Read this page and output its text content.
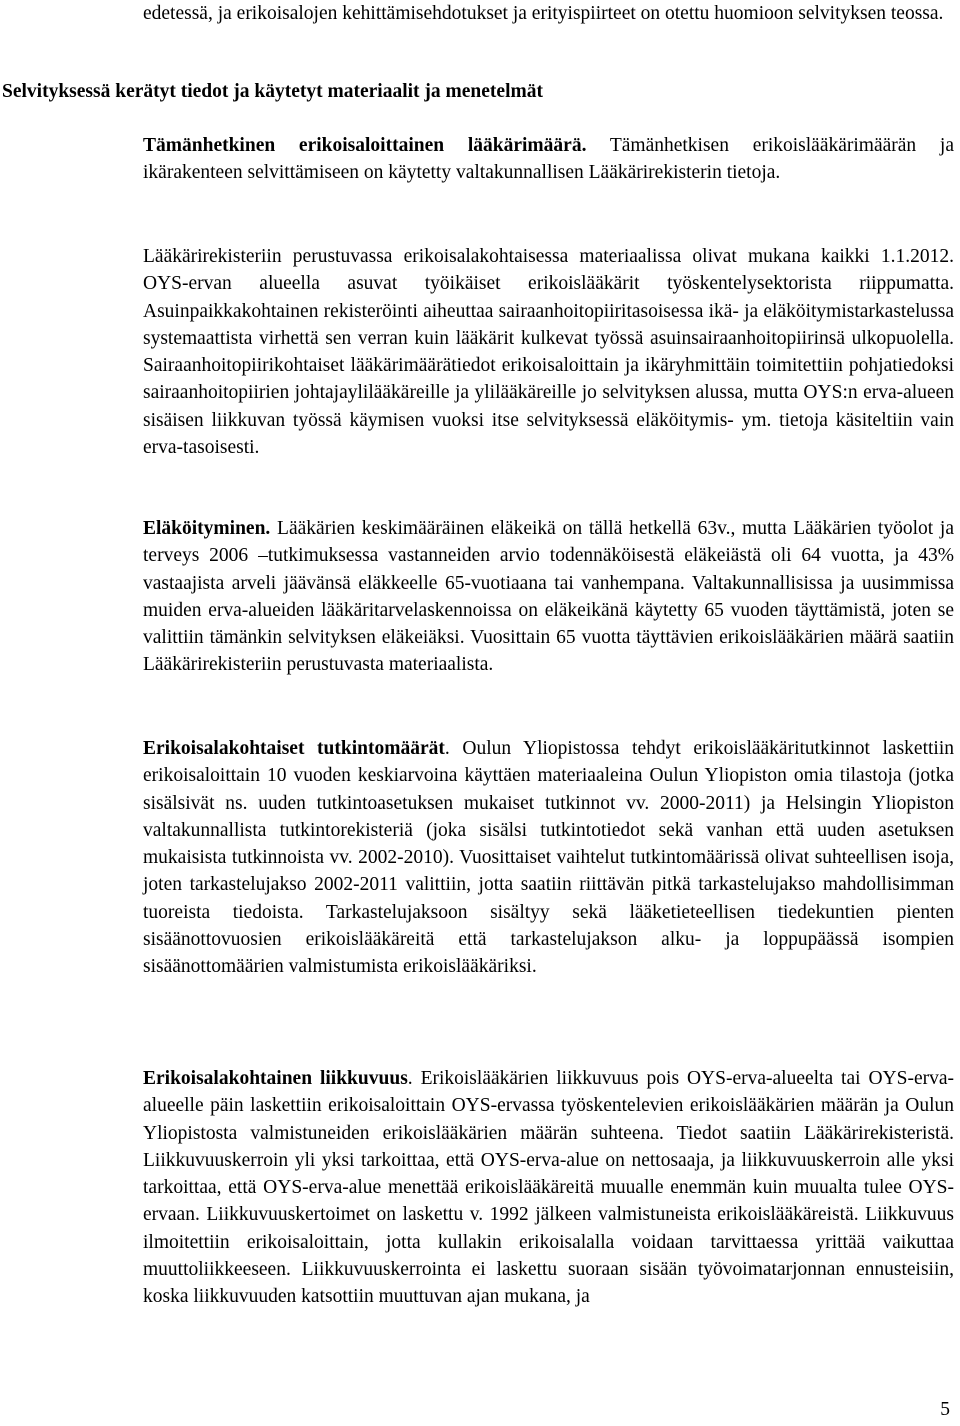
edetessä, ja erikoisalojen kehittämisehdotukset ja erityispiirteet on otettu huomioon selvityksen teossa.

Selvityksessä kerätyt tiedot ja käytetyt materiaalit ja menetelmät

Tämänhetkinen erikoisaloittainen lääkärimäärä. Tämänhetkisen erikoislääkärimäärän ja ikärakenteen selvittämiseen on käytetty valtakunnallisen Lääkärirekisterin tietoja.

Lääkärirekisteriin perustuvassa erikoisalakohtaisessa materiaalissa olivat mukana kaikki 1.1.2012. OYS-ervan alueella asuvat työikäiset erikoislääkärit työskentelysektorista riippumatta. Asuinpaikkakohtainen rekisteröinti aiheuttaa sairaanhoitopiiritasoisessa ikä- ja eläköitymistarkastelussa systemaattista virhettä sen verran kuin lääkärit kulkevat työssä asuinsairaanhoitopiirinsä ulkopuolella. Sairaanhoitopiirikohtaiset lääkärimäärätiedot erikoisaloittain ja ikäryhmittäin toimitettiin pohjatiedoksi sairaanhoitopiirien johtajaylilääkäreille ja ylilääkäreille jo selvityksen alussa, mutta OYS:n erva-alueen sisäisen liikkuvan työssä käymisen vuoksi itse selvityksessä eläköitymis- ym. tietoja käsiteltiin vain erva-tasoisesti.

Eläköityminen. Lääkärien keskimääräinen eläkeikä on tällä hetkellä 63v., mutta Lääkärien työolot ja terveys 2006 –tutkimuksessa vastanneiden arvio todennäköisestä eläkeiästä oli 64 vuotta, ja 43% vastaajista arveli jäävänsä eläkkeelle 65-vuotiaana tai vanhempana. Valtakunnallisissa ja uusimmissa muiden erva-alueiden lääkäritarvelaskennoissa on eläkeikänä käytetty 65 vuoden täyttämistä, joten se valittiin tämänkin selvityksen eläkeiäksi. Vuosittain 65 vuotta täyttävien erikoislääkärien määrä saatiin Lääkärirekisteriin perustuvasta materiaalista.

Erikoisalakohtaiset tutkintomäärät. Oulun Yliopistossa tehdyt erikoislääkäritutkinnot laskettiin erikoisaloittain 10 vuoden keskiarvoina käyttäen materiaaleina Oulun Yliopiston omia tilastoja (jotka sisälsivät ns. uuden tutkintoasetuksen mukaiset tutkinnot vv. 2000-2011) ja Helsingin Yliopiston valtakunnallista tutkintorekisteriä (joka sisälsi tutkintotiedot sekä vanhan että uuden asetuksen mukaisista tutkinnoista vv. 2002-2010). Vuosittaiset vaihtelut tutkintomäärissä olivat suhteellisen isoja, joten tarkastelujakso 2002-2011 valittiin, jotta saatiin riittävän pitkä tarkastelujakso mahdollisimman tuoreista tiedoista. Tarkastelujaksoon sisältyy sekä lääketieteellisen tiedekuntien pienten sisäänottovuosien erikoislääkäreitä että tarkastelujakson alku- ja loppupäässä isompien sisäänottomäärien valmistumista erikoislääkäriksi.

Erikoisalakohtainen liikkuvuus. Erikoislääkärien liikkuvuus pois OYS-erva-alueelta tai OYS-erva-alueelle päin laskettiin erikoisaloittain OYS-ervassa työskentelevien erikoislääkärien määrän ja Oulun Yliopistosta valmistuneiden erikoislääkärien määrän suhteena. Tiedot saatiin Lääkärirekisteristä. Liikkuvuuskerroin yli yksi tarkoittaa, että OYS-erva-alue on nettosaaja, ja liikkuvuuskerroin alle yksi tarkoittaa, että OYS-erva-alue menettää erikoislääkäreitä muualle enemmän kuin muualta tulee OYS-ervaan. Liikkuvuuskertoimet on laskettu v. 1992 jälkeen valmistuneista erikoislääkäreistä. Liikkuvuus ilmoitettiin erikoisaloittain, jotta kullakin erikoisalalla voidaan tarvittaessa yrittää vaikuttaa muuttoliikkeeseen. Liikkuvuuskerrointa ei laskettu suoraan sisään työvoimatarjonnan ennusteisiin, koska liikkuvuuden katsottiin muuttuvan ajan mukana, ja

5
